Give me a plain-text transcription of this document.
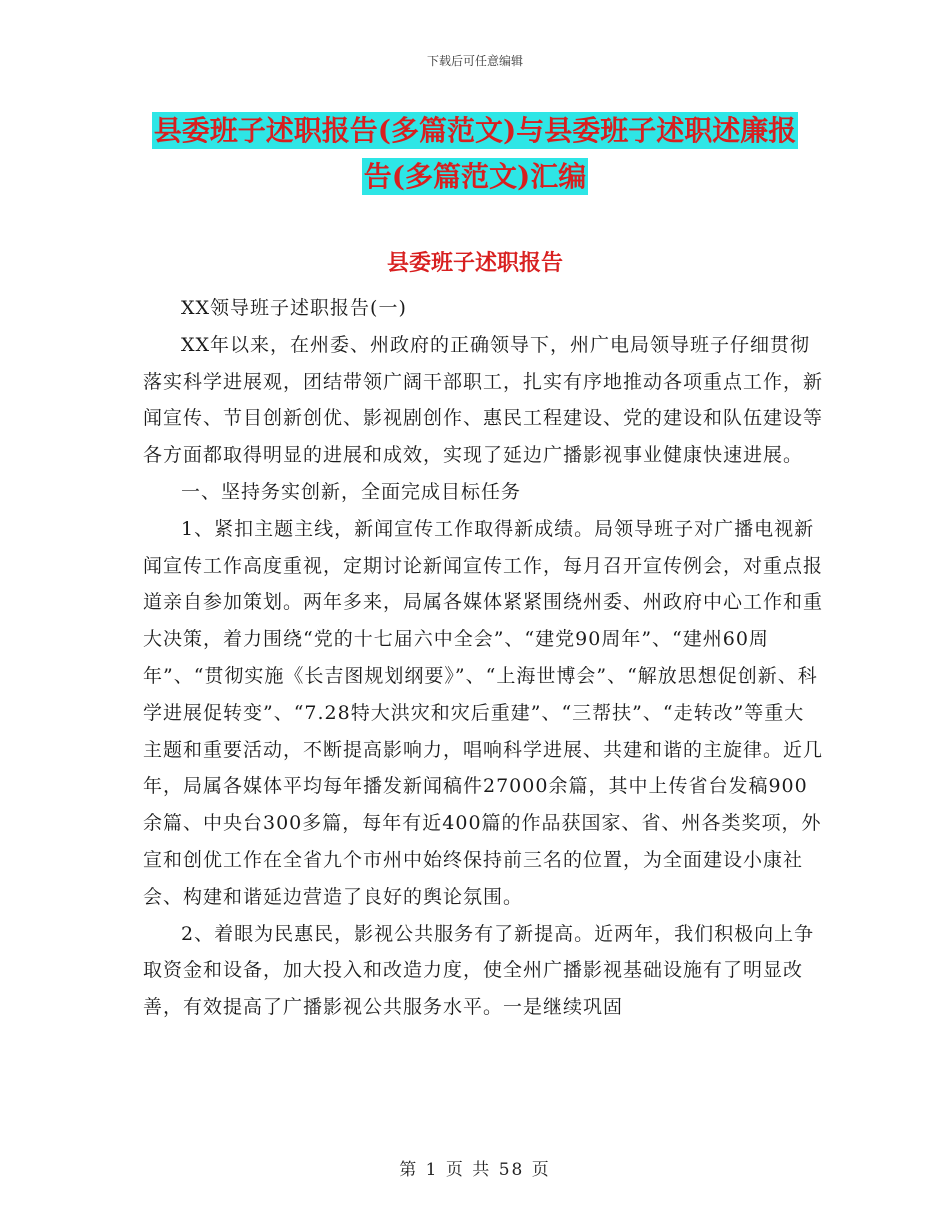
下载后可任意编辑
县委班子述职报告(多篇范文)与县委班子述职述廉报
告(多篇范文)汇编
县委班子述职报告

XX领导班子述职报告(一)

XX年以来，在州委、州政府的正确领导下，州广电局领导班子仔细贯彻落实科学进展观，团结带领广阔干部职工，扎实有序地推动各项重点工作，新闻宣传、节目创新创优、影视剧创作、惠民工程建设、党的建设和队伍建设等各方面都取得明显的进展和成效，实现了延边广播影视事业健康快速进展。

一、坚持务实创新，全面完成目标任务

1、紧扣主题主线，新闻宣传工作取得新成绩。局领导班子对广播电视新闻宣传工作高度重视，定期讨论新闻宣传工作，每月召开宣传例会，对重点报道亲自参加策划。两年多来，局属各媒体紧紧围绕州委、州政府中心工作和重大决策，着力围绕“党的十七届六中全会”、“建党90周年”、“建州60周年”、“贯彻实施《长吉图规划纲要》”、“上海世博会”、“解放思想促创新、科学进展促转变”、“7.28特大洪灾和灾后重建”、“三帮扶”、“走转改”等重大主题和重要活动，不断提高影响力，唱响科学进展、共建和谐的主旋律。近几年，局属各媒体平均每年播发新闻稿件27000余篇，其中上传省台发稿900余篇、中央台300多篇，每年有近400篇的作品获国家、省、州各类奖项，外宣和创优工作在全省九个市州中始终保持前三名的位置，为全面建设小康社会、构建和谐延边营造了良好的舆论氛围。

2、着眼为民惠民，影视公共服务有了新提高。近两年，我们积极向上争取资金和设备，加大投入和改造力度，使全州广播影视基础设施有了明显改善，有效提高了广播影视公共服务水平。一是继续巩固

第 1 页 共 58 页
